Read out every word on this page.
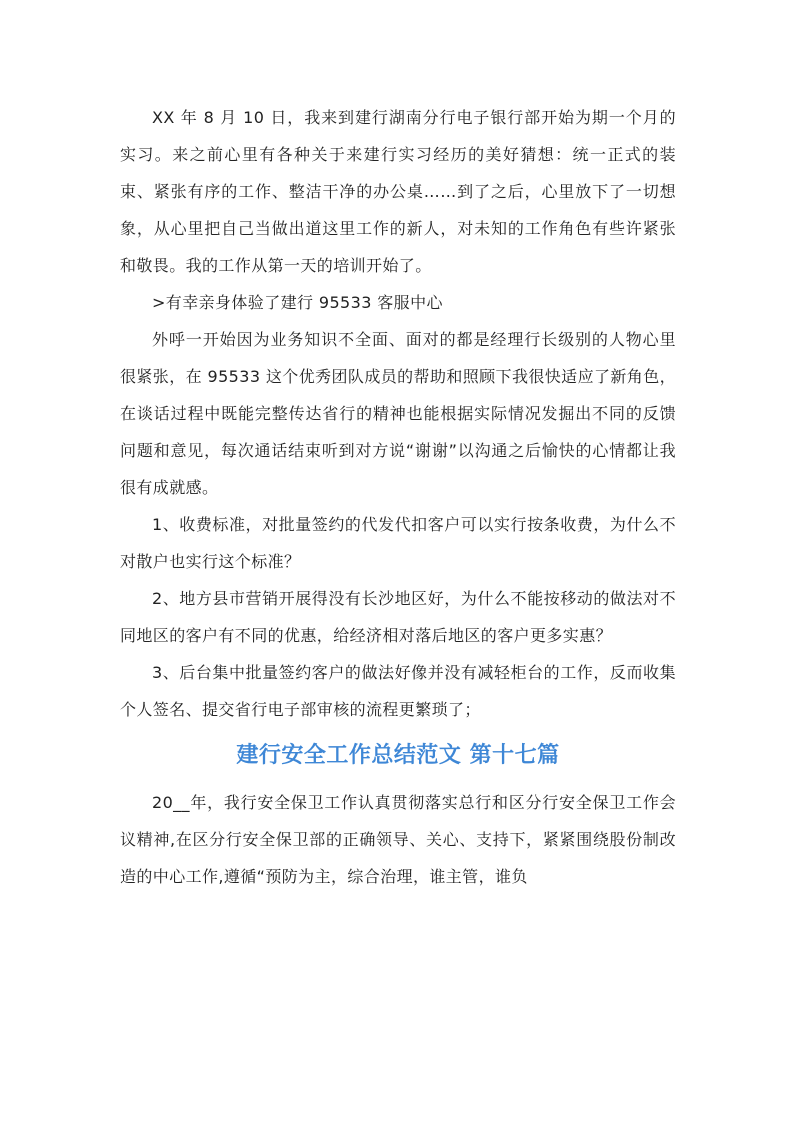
XX 年 8 月 10 日，我来到建行湖南分行电子银行部开始为期一个月的实习。来之前心里有各种关于来建行实习经历的美好猜想：统一正式的装束、紧张有序的工作、整洁干净的办公桌……到了之后，心里放下了一切想象，从心里把自己当做出道这里工作的新人，对未知的工作角色有些许紧张和敬畏。我的工作从第一天的培训开始了。

>有幸亲身体验了建行 95533 客服中心

外呼一开始因为业务知识不全面、面对的都是经理行长级别的人物心里很紧张，在 95533 这个优秀团队成员的帮助和照顾下我很快适应了新角色，在谈话过程中既能完整传达省行的精神也能根据实际情况发掘出不同的反馈问题和意见，每次通话结束听到对方说“谢谢”以沟通之后愉快的心情都让我很有成就感。

1、收费标准，对批量签约的代发代扣客户可以实行按条收费，为什么不对散户也实行这个标准？

2、地方县市营销开展得没有长沙地区好，为什么不能按移动的做法对不同地区的客户有不同的优惠，给经济相对落后地区的客户更多实惠？

3、后台集中批量签约客户的做法好像并没有减轻柜台的工作，反而收集个人签名、提交省行电子部审核的流程更繁琐了；

建行安全工作总结范文 第十七篇

20__年，我行安全保卫工作认真贯彻落实总行和区分行安全保卫工作会议精神,在区分行安全保卫部的正确领导、关心、支持下，紧紧围绕股份制改造的中心工作,遵循“预防为主，综合治理，谁主管，谁负
